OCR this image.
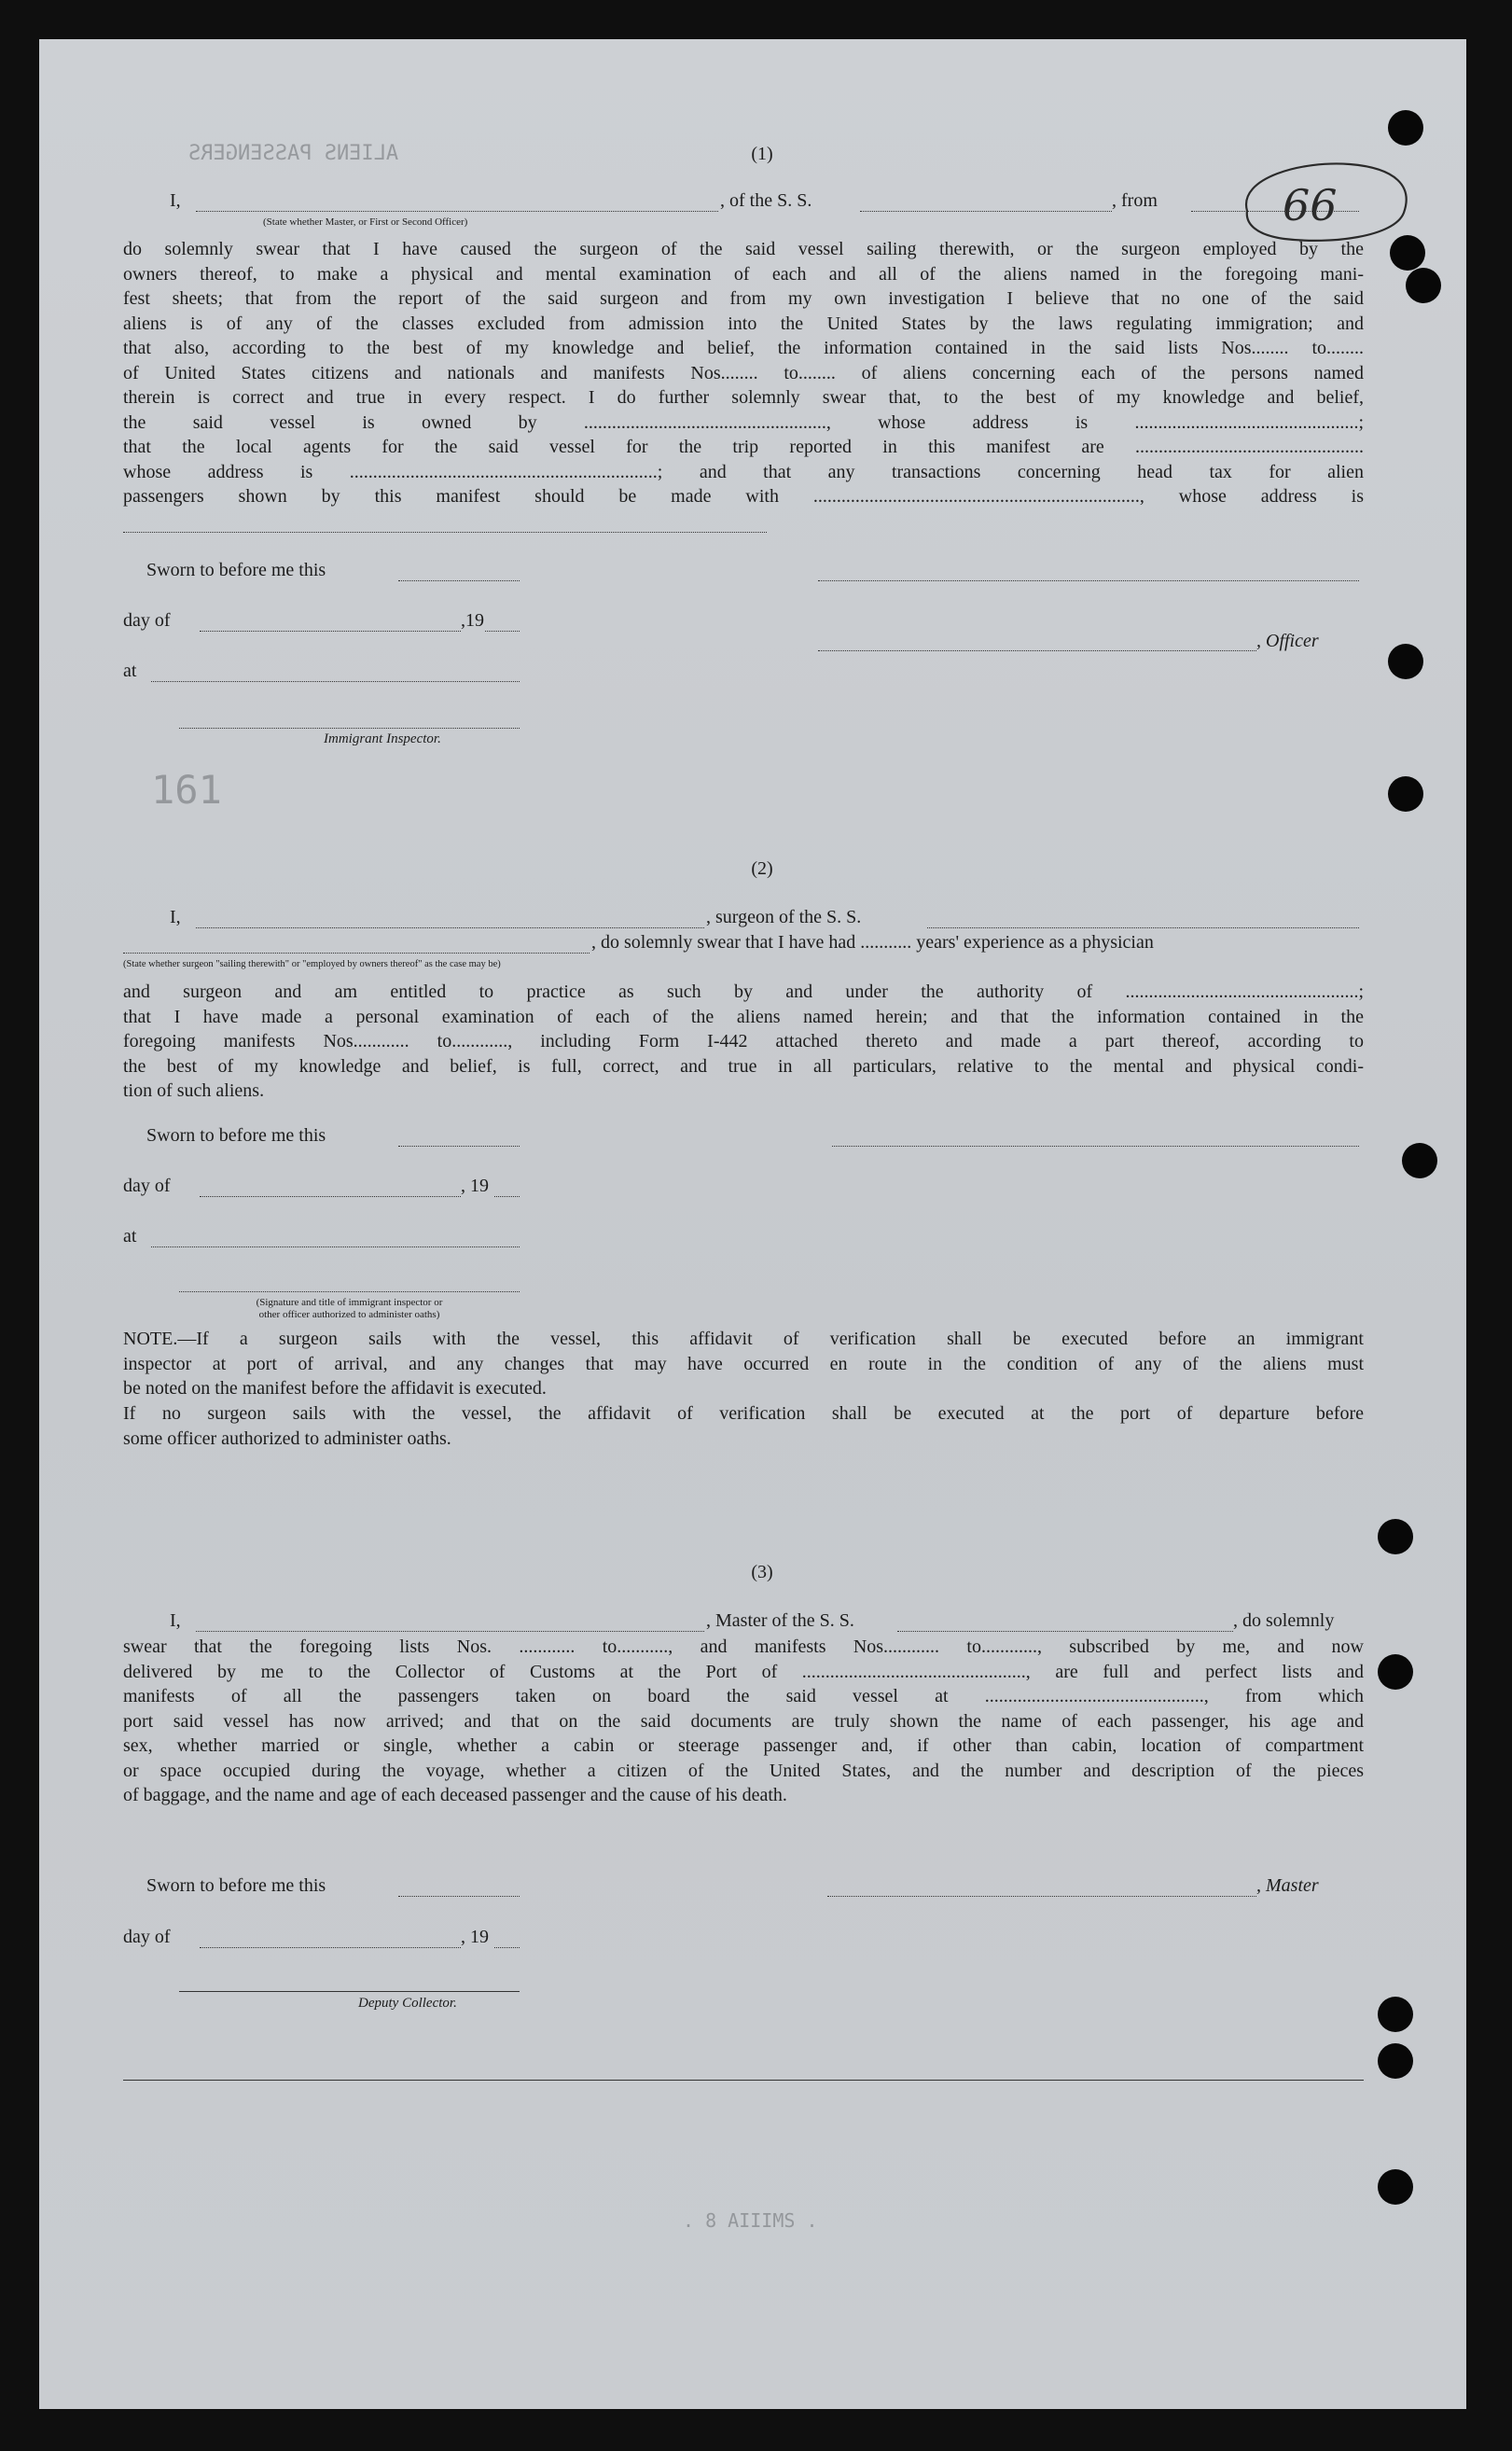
66
ALIENS PASSENGERS
161
(1)
I,	, of the S. S.	, from
(State whether Master, or First or Second Officer)
do solemnly swear that I have caused the surgeon of the said vessel sailing therewith, or the surgeon employed by the
owners thereof, to make a physical and mental examination of each and all of the aliens named in the foregoing mani-
fest sheets; that from the report of the said surgeon and from my own investigation I believe that no one of the said
aliens is of any of the classes excluded from admission into the United States by the laws regulating immigration; and
that also, according to the best of my knowledge and belief, the information contained in the said lists Nos........ to........
of United States citizens and nationals and manifests Nos........ to........ of aliens concerning each of the persons named
therein is correct and true in every respect. I do further solemnly swear that, to the best of my knowledge and belief,
the said vessel is owned by ...................................................., whose address is ................................................;
that the local agents for the said vessel for the trip reported in this manifest are .................................................
whose address is ..................................................................; and that any transactions concerning head tax for alien
passengers shown by this manifest should be made with ......................................................................, whose address is
Sworn to before me this
day of	,19
, Officer
at
Immigrant Inspector.
(2)
I,	, surgeon of the S. S.
, do solemnly swear that I have had ........... years' experience as a physician
(State whether surgeon "sailing therewith" or "employed by owners thereof" as the case may be)
and surgeon and am entitled to practice as such by and under the authority of ..................................................;
that I have made a personal examination of each of the aliens named herein; and that the information contained in the
foregoing manifests Nos............ to............, including Form I-442 attached thereto and made a part thereof, according to
the best of my knowledge and belief, is full, correct, and true in all particulars, relative to the mental and physical condi-
tion of such aliens.
Sworn to before me this
day of	, 19
at
(Signature and title of immigrant inspector or
other officer authorized to administer oaths)
NOTE.—If a surgeon sails with the vessel, this affidavit of verification shall be executed before an immigrant
inspector at port of arrival, and any changes that may have occurred en route in the condition of any of the aliens must
be noted on the manifest before the affidavit is executed.
If no surgeon sails with the vessel, the affidavit of verification shall be executed at the port of departure before
some officer authorized to administer oaths.
(3)
I,	, Master of the S. S.	, do solemnly
swear that the foregoing lists Nos. ............ to..........., and manifests Nos............ to............, subscribed by me, and now
delivered by me to the Collector of Customs at the Port of ................................................, are full and perfect lists and
manifests of all the passengers taken on board the said vessel at ..............................................., from which
port said vessel has now arrived; and that on the said documents are truly shown the name of each passenger, his age and
sex, whether married or single, whether a cabin or steerage passenger and, if other than cabin, location of compartment
or space occupied during the voyage, whether a citizen of the United States, and the number and description of the pieces
of baggage, and the name and age of each deceased passenger and the cause of his death.
Sworn to before me this	, Master
day of	, 19
Deputy Collector.
. 8 AIIIMS .
